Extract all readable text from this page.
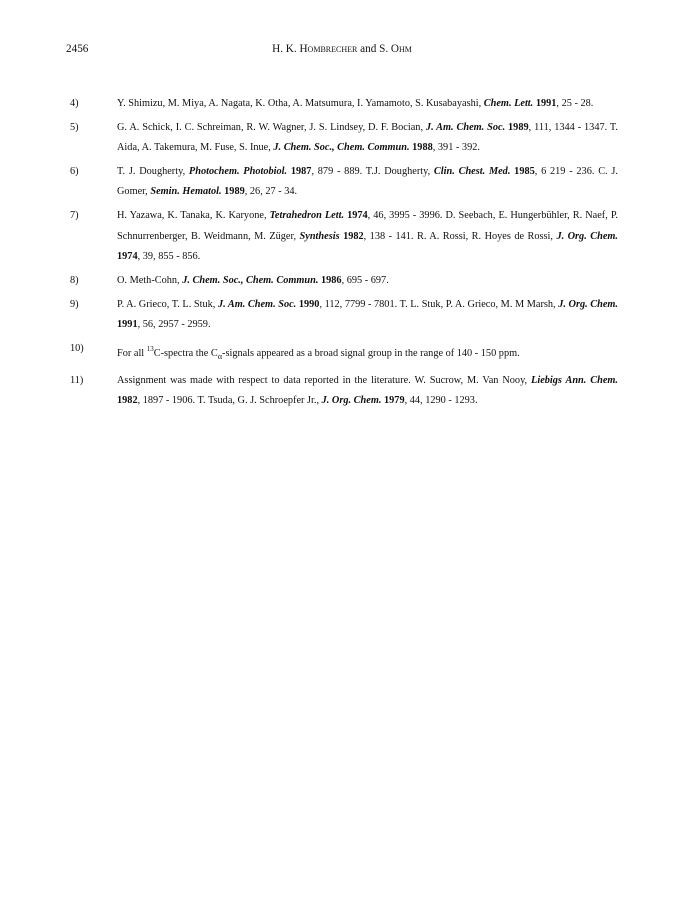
2456	H. K. Hombrecher and S. Ohm
4)	Y. Shimizu, M. Miya, A. Nagata, K. Otha, A. Matsumura, I. Yamamoto, S. Kusabayashi, Chem. Lett. 1991, 25 - 28.
5)	G. A. Schick, I. C. Schreiman, R. W. Wagner, J. S. Lindsey, D. F. Bocian, J. Am. Chem. Soc. 1989, 111, 1344 - 1347. T. Aida, A. Takemura, M. Fuse, S. Inue, J. Chem. Soc., Chem. Commun. 1988, 391 - 392.
6)	T. J. Dougherty, Photochem. Photobiol. 1987, 879 - 889. T.J. Dougherty, Clin. Chest. Med. 1985, 6 219 - 236. C. J. Gomer, Semin. Hematol. 1989, 26, 27 - 34.
7)	H. Yazawa, K. Tanaka, K. Karyone, Tetrahedron Lett. 1974, 46, 3995 - 3996. D. Seebach, E. Hungerbühler, R. Naef, P. Schnurrenberger, B. Weidmann, M. Züger, Synthesis 1982, 138 - 141. R. A. Rossi, R. Hoyes de Rossi, J. Org. Chem. 1974, 39, 855 - 856.
8)	O. Meth-Cohn, J. Chem. Soc., Chem. Commun. 1986, 695 - 697.
9)	P. A. Grieco, T. L. Stuk, J. Am. Chem. Soc. 1990, 112, 7799 - 7801. T. L. Stuk, P. A. Grieco, M. M Marsh, J. Org. Chem. 1991, 56, 2957 - 2959.
10)	For all $^{13}$C-spectra the $C_\alpha$-signals appeared as a broad signal group in the range of 140 - 150 ppm.
11)	Assignment was made with respect to data reported in the literature. W. Sucrow, M. Van Nooy, Liebigs Ann. Chem. 1982, 1897 - 1906. T. Tsuda, G. J. Schroepfer Jr., J. Org. Chem. 1979, 44, 1290 - 1293.
